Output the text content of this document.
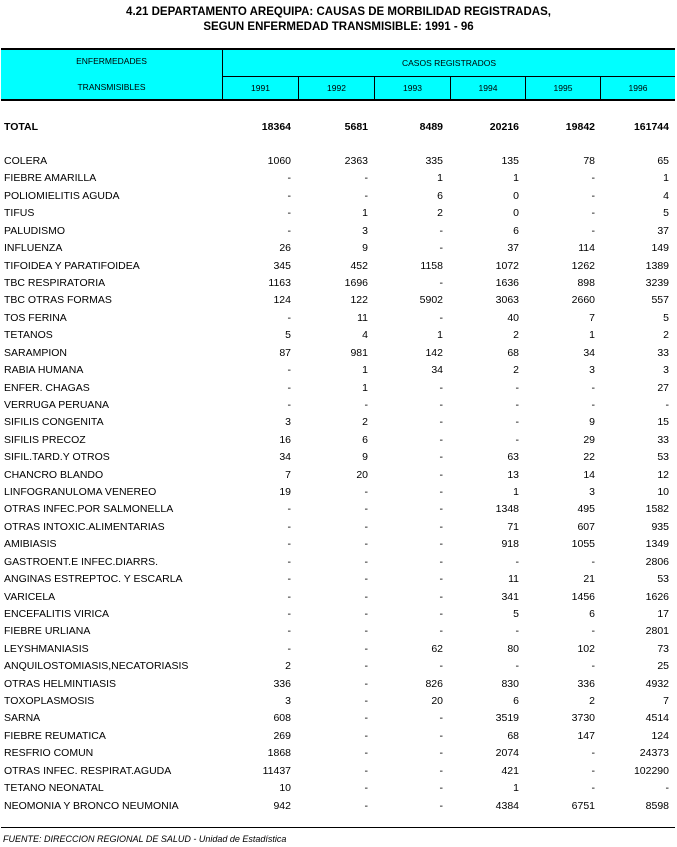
4.21 DEPARTAMENTO AREQUIPA: CAUSAS DE MORBILIDAD REGISTRADAS,
SEGUN ENFERMEDAD TRANSMISIBLE: 1991 - 96
ENFERMEDADES
TRANSMISIBLES
CASOS REGISTRADOS
1991	1992	1993	1994	1995	1996
TOTAL	18364	5681	8489	20216	19842	161744
COLERA	1060	2363	335	135	78	65
FIEBRE AMARILLA	-	-	1	1	-	1
POLIOMIELITIS AGUDA	-	-	6	0	-	4
TIFUS	-	1	2	0	-	5
PALUDISMO	-	3	-	6	-	37
INFLUENZA	26	9	-	37	114	149
TIFOIDEA Y PARATIFOIDEA	345	452	1158	1072	1262	1389
TBC RESPIRATORIA	1163	1696	-	1636	898	3239
TBC OTRAS FORMAS	124	122	5902	3063	2660	557
TOS FERINA	-	11	-	40	7	5
TETANOS	5	4	1	2	1	2
SARAMPION	87	981	142	68	34	33
RABIA HUMANA	-	1	34	2	3	3
ENFER. CHAGAS	-	1	-	-	-	27
VERRUGA PERUANA	-	-	-	-	-	-
SIFILIS CONGENITA	3	2	-	-	9	15
SIFILIS PRECOZ	16	6	-	-	29	33
SIFIL.TARD.Y OTROS	34	9	-	63	22	53
CHANCRO BLANDO	7	20	-	13	14	12
LINFOGRANULOMA VENEREO	19	-	-	1	3	10
OTRAS INFEC.POR SALMONELLA	-	-	-	1348	495	1582
OTRAS INTOXIC.ALIMENTARIAS	-	-	-	71	607	935
AMIBIASIS	-	-	-	918	1055	1349
GASTROENT.E INFEC.DIARRS.	-	-	-	-	-	2806
ANGINAS ESTREPTOC. Y ESCARLA	-	-	-	11	21	53
VARICELA	-	-	-	341	1456	1626
ENCEFALITIS VIRICA	-	-	-	5	6	17
FIEBRE URLIANA	-	-	-	-	-	2801
LEYSHMANIASIS	-	-	62	80	102	73
ANQUILOSTOMIASIS,NECATORIASIS	2	-	-	-	-	25
OTRAS HELMINTIASIS	336	-	826	830	336	4932
TOXOPLASMOSIS	3	-	20	6	2	7
SARNA	608	-	-	3519	3730	4514
FIEBRE REUMATICA	269	-	-	68	147	124
RESFRIO COMUN	1868	-	-	2074	-	24373
OTRAS INFEC. RESPIRAT.AGUDA	11437	-	-	421	-	102290
TETANO NEONATAL	10	-	-	1	-	-
NEOMONIA Y BRONCO NEUMONIA	942	-	-	4384	6751	8598
FUENTE: DIRECCION REGIONAL DE SALUD - Unidad de Estadística
